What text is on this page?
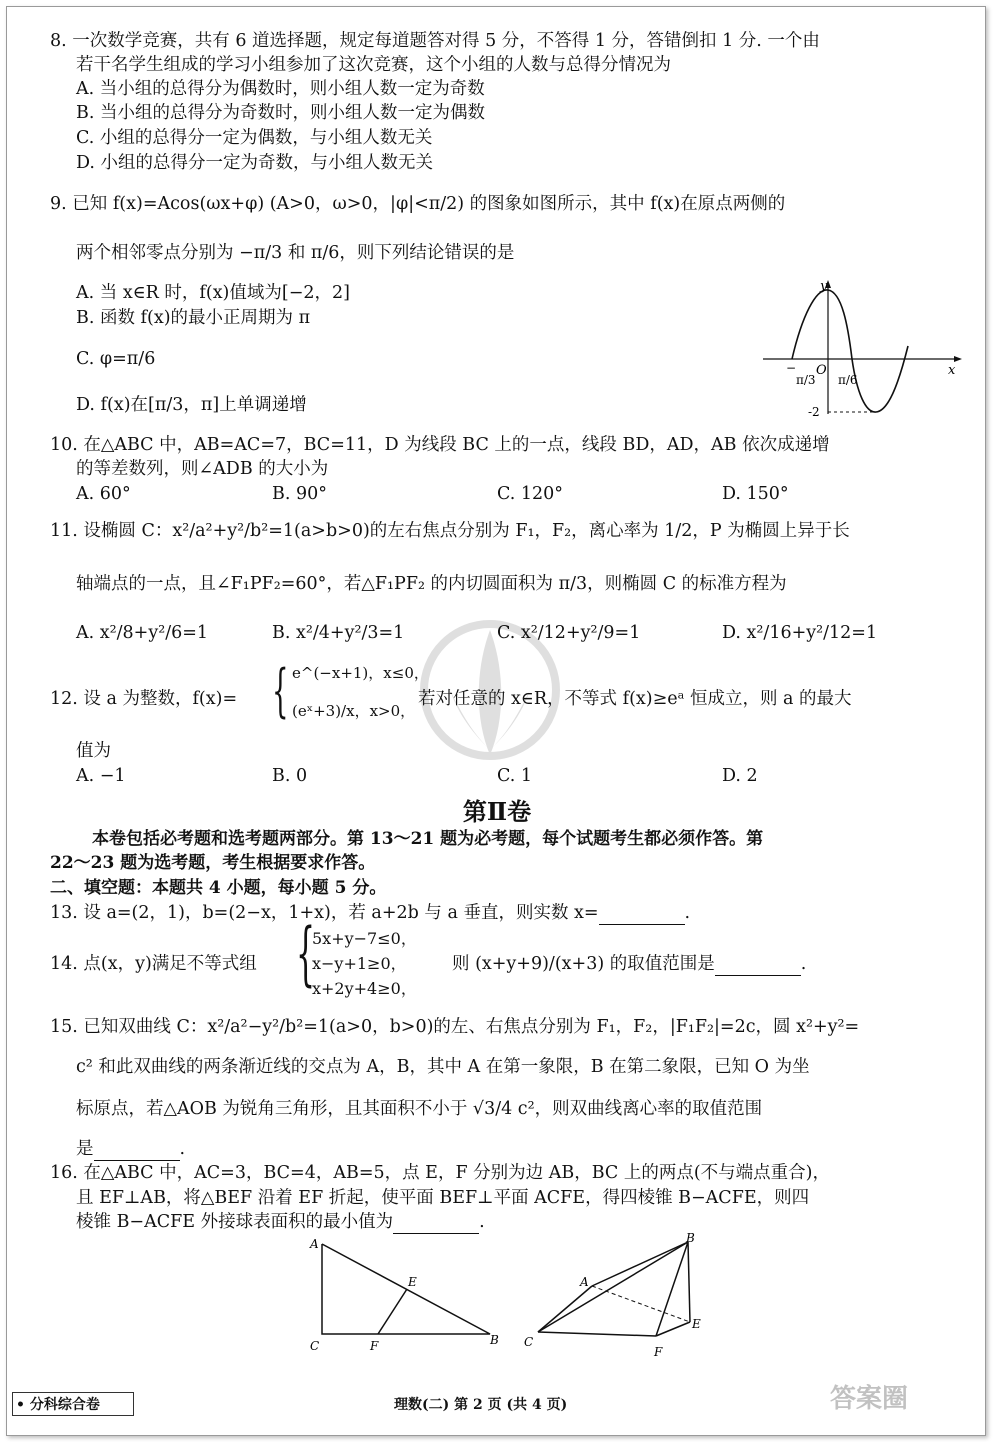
8. 一次数学竞赛，共有 6 道选择题，规定每道题答对得 5 分，不答得 1 分，答错倒扣 1 分. 一个由
若干名学生组成的学习小组参加了这次竞赛，这个小组的人数与总得分情况为
A. 当小组的总得分为偶数时，则小组人数一定为奇数
B. 当小组的总得分为奇数时，则小组人数一定为偶数
C. 小组的总得分一定为偶数，与小组人数无关
D. 小组的总得分一定为奇数，与小组人数无关
9. 已知 f(x)=Acos(ωx+φ) (A>0，ω>0，|φ|<π/2) 的图象如图所示，其中 f(x)在原点两侧的
两个相邻零点分别为 −π/3 和 π/6，则下列结论错误的是
A. 当 x∈R 时，f(x)值域为[−2，2]
B. 函数 f(x)的最小正周期为 π
C. φ=π/6
D. f(x)在[π/3，π]上单调递增
y
x
O
−
π/3 π/6
-2
10. 在△ABC 中，AB=AC=7，BC=11，D 为线段 BC 上的一点，线段 BD，AD，AB 依次成递增
的等差数列，则∠ADB 的大小为
A. 60°	B. 90°	C. 120°	D. 150°
11. 设椭圆 C：x²/a²+y²/b²=1(a>b>0)的左右焦点分别为 F₁，F₂，离心率为 1/2，P 为椭圆上异于长
轴端点的一点，且∠F₁PF₂=60°，若△F₁PF₂ 的内切圆面积为 π/3，则椭圆 C 的标准方程为
A. x²/8+y²/6=1	B. x²/4+y²/3=1	C. x²/12+y²/9=1	D. x²/16+y²/12=1
12. 设 a 为整数，f(x)= { e^(−x+1)，x≤0，
(eˣ+3)/x，x>0，
若对任意的 x∈R，不等式 f(x)≥eᵃ 恒成立，则 a 的最大
值为
A. −1	B. 0	C. 1	D. 2
第Ⅱ卷
本卷包括必考题和选考题两部分。第 13～21 题为必考题，每个试题考生都必须作答。第
22～23 题为选考题，考生根据要求作答。
二、填空题：本题共 4 小题，每小题 5 分。
13. 设 a=(2，1)，b=(2−x，1+x)，若 a+2b 与 a 垂直，则实数 x=	.
14. 点(x，y)满足不等式组 {
5x+y−7≤0，
x−y+1≥0，
x+2y+4≥0，
则 (x+y+9)/(x+3) 的取值范围是	.
15. 已知双曲线 C：x²/a²−y²/b²=1(a>0，b>0)的左、右焦点分别为 F₁，F₂，|F₁F₂|=2c，圆 x²+y²=
c² 和此双曲线的两条渐近线的交点为 A，B，其中 A 在第一象限，B 在第二象限，已知 O 为坐
标原点，若△AOB 为锐角三角形，且其面积不小于 √3/4 c²，则双曲线离心率的取值范围
是	.
16. 在△ABC 中，AC=3，BC=4，AB=5，点 E，F 分别为边 AB，BC 上的两点(不与端点重合)，
且 EF⊥AB，将△BEF 沿着 EF 折起，使平面 BEF⊥平面 ACFE，得四棱锥 B−ACFE，则四
棱锥 B−ACFE 外接球表面积的最小值为	.
A
E
C	F	B
B
A
E
C
F
• 分科综合卷	理数(二) 第 2 页 (共 4 页)	答案圈
